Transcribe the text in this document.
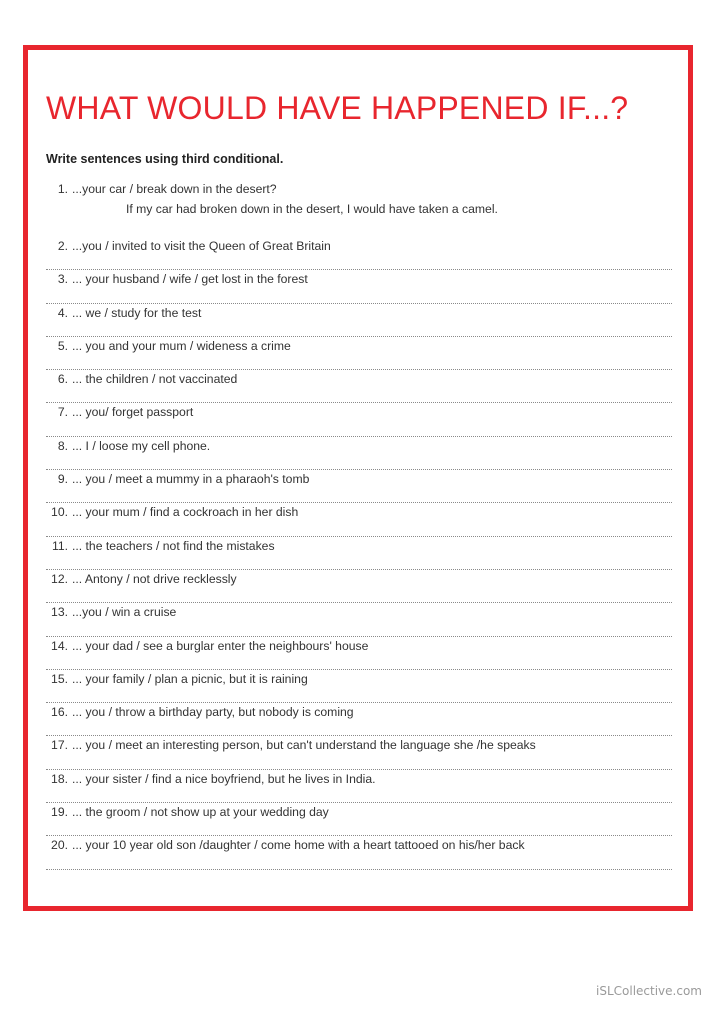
WHAT WOULD HAVE HAPPENED IF...?
Write sentences using third conditional.
1. ...your car / break down in the desert?
If my car had broken down in the desert, I would have taken a camel.
2. ...you / invited to visit the Queen of Great Britain
3. ... your husband / wife / get lost in the forest
4. ... we / study for the test
5. ... you and your mum / wideness a crime
6. ... the children / not vaccinated
7. ... you/ forget passport
8. ... I / loose my cell phone.
9. ... you / meet a mummy in a pharaoh's tomb
10. ... your mum / find a cockroach in her dish
11. ... the teachers / not find the mistakes
12. ... Antony / not drive recklessly
13. ...you / win a cruise
14. ... your dad / see a burglar enter the neighbours' house
15. ... your family / plan a picnic, but it is raining
16. ... you / throw a birthday party, but nobody is coming
17. ... you / meet an interesting person, but can't understand the language she /he speaks
18. ... your sister / find a nice boyfriend, but he lives in India.
19. ... the groom / not show up at your wedding day
20. ... your 10 year old son /daughter / come home with a heart tattooed on his/her back
iSLCollective.com
